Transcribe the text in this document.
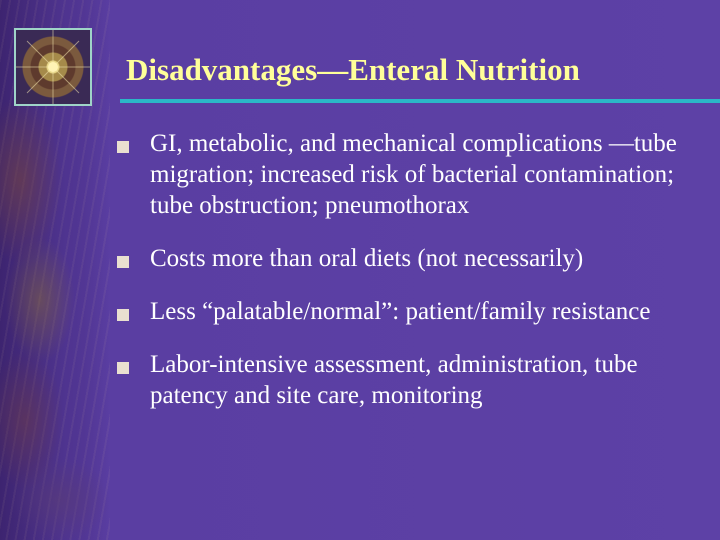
Disadvantages—Enteral Nutrition
GI, metabolic, and mechanical complications —tube migration; increased risk of bacterial contamination; tube obstruction; pneumothorax
Costs more than oral diets (not necessarily)
Less “palatable/normal”: patient/family resistance
Labor-intensive assessment, administration, tube patency and site care, monitoring
